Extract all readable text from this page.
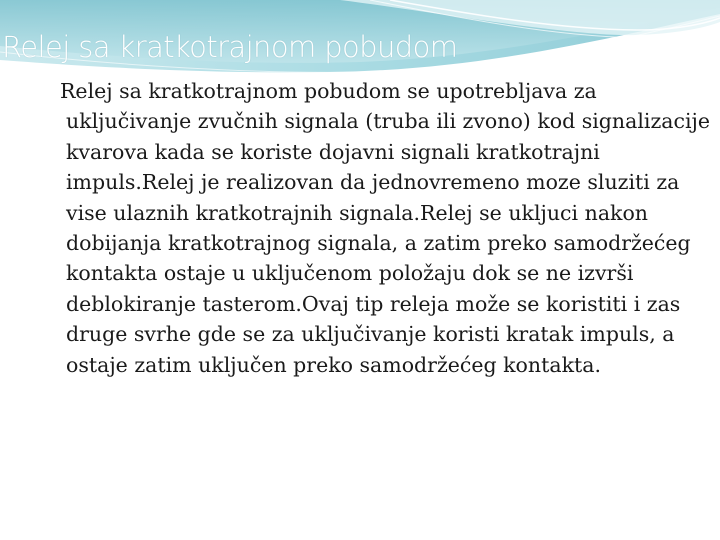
Relej sa kratkotrajnom pobudom
Relej sa kratkotrajnom pobudom se upotrebljava za uključivanje zvučnih signala (truba ili zvono) kod signalizacije kvarova kada se koriste dojavni signali kratkotrajni impuls.Relej je realizovan da jednovremeno moze sluziti za vise ulaznih kratkotrajnih signala.Relej se ukljuci nakon dobijanja kratkotrajnog signala, a zatim preko samodržećeg kontakta ostaje u uključenom položaju dok se ne izvrši deblokiranje tasterom.Ovaj tip releja može se koristiti i zas druge svrhe gde se za uključivanje koristi kratak impuls, a ostaje zatim uključen preko samodržećeg kontakta.
